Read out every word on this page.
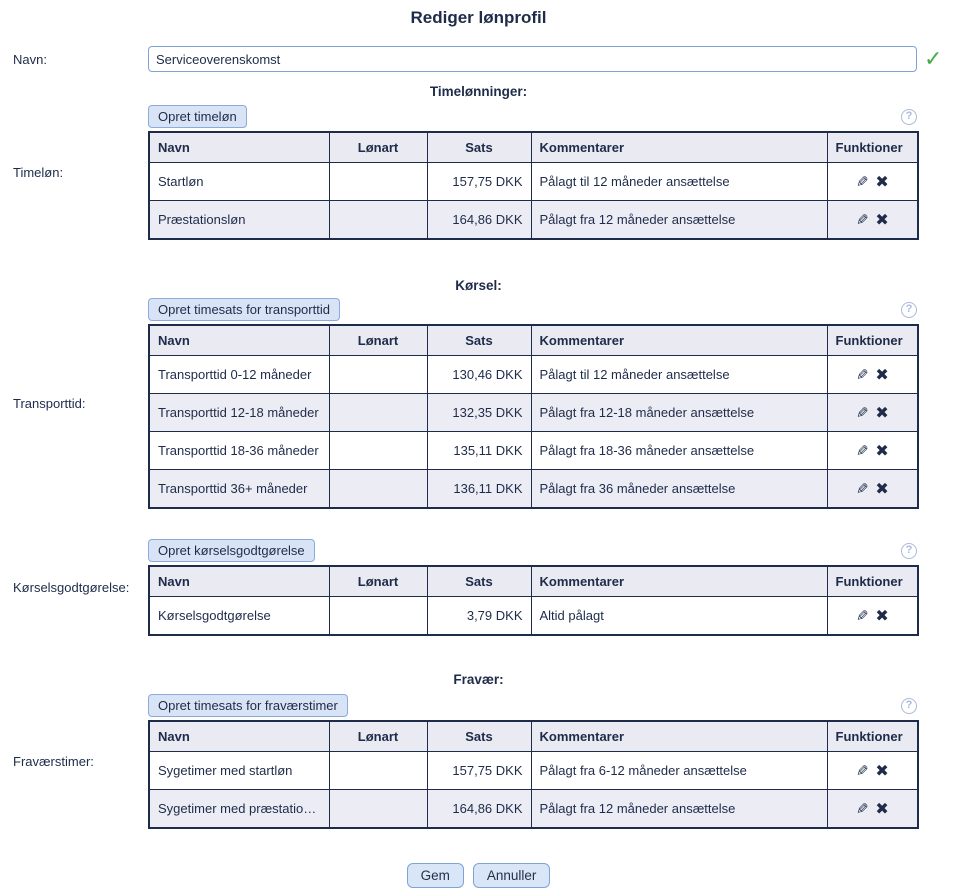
Rediger lønprofil
Navn:
Serviceoverenskomst	✓
Timelønninger:
Timeløn:
Opret timeløn	?
Navn	Lønart	Sats	Kommentarer	Funktioner
Startløn		157,75 DKK	Pålagt til 12 måneder ansættelse	✎ ✖
Præstationsløn		164,86 DKK	Pålagt fra 12 måneder ansættelse	✎ ✖
Kørsel:
Transporttid:
Opret timesats for transporttid	?
Navn	Lønart	Sats	Kommentarer	Funktioner
Transporttid 0-12 måneder		130,46 DKK	Pålagt til 12 måneder ansættelse	✎ ✖
Transporttid 12-18 måneder		132,35 DKK	Pålagt fra 12-18 måneder ansættelse	✎ ✖
Transporttid 18-36 måneder		135,11 DKK	Pålagt fra 18-36 måneder ansættelse	✎ ✖
Transporttid 36+ måneder		136,11 DKK	Pålagt fra 36 måneder ansættelse	✎ ✖
Kørselsgodtgørelse:
Opret kørselsgodtgørelse	?
Navn	Lønart	Sats	Kommentarer	Funktioner
Kørselsgodtgørelse		3,79 DKK	Altid pålagt	✎ ✖
Fravær:
Fraværstimer:
Opret timesats for fraværstimer	?
Navn	Lønart	Sats	Kommentarer	Funktioner
Sygetimer med startløn		157,75 DKK	Pålagt fra 6-12 måneder ansættelse	✎ ✖
Sygetimer med præstatio…		164,86 DKK	Pålagt fra 12 måneder ansættelse	✎ ✖
Gem	Annuller
